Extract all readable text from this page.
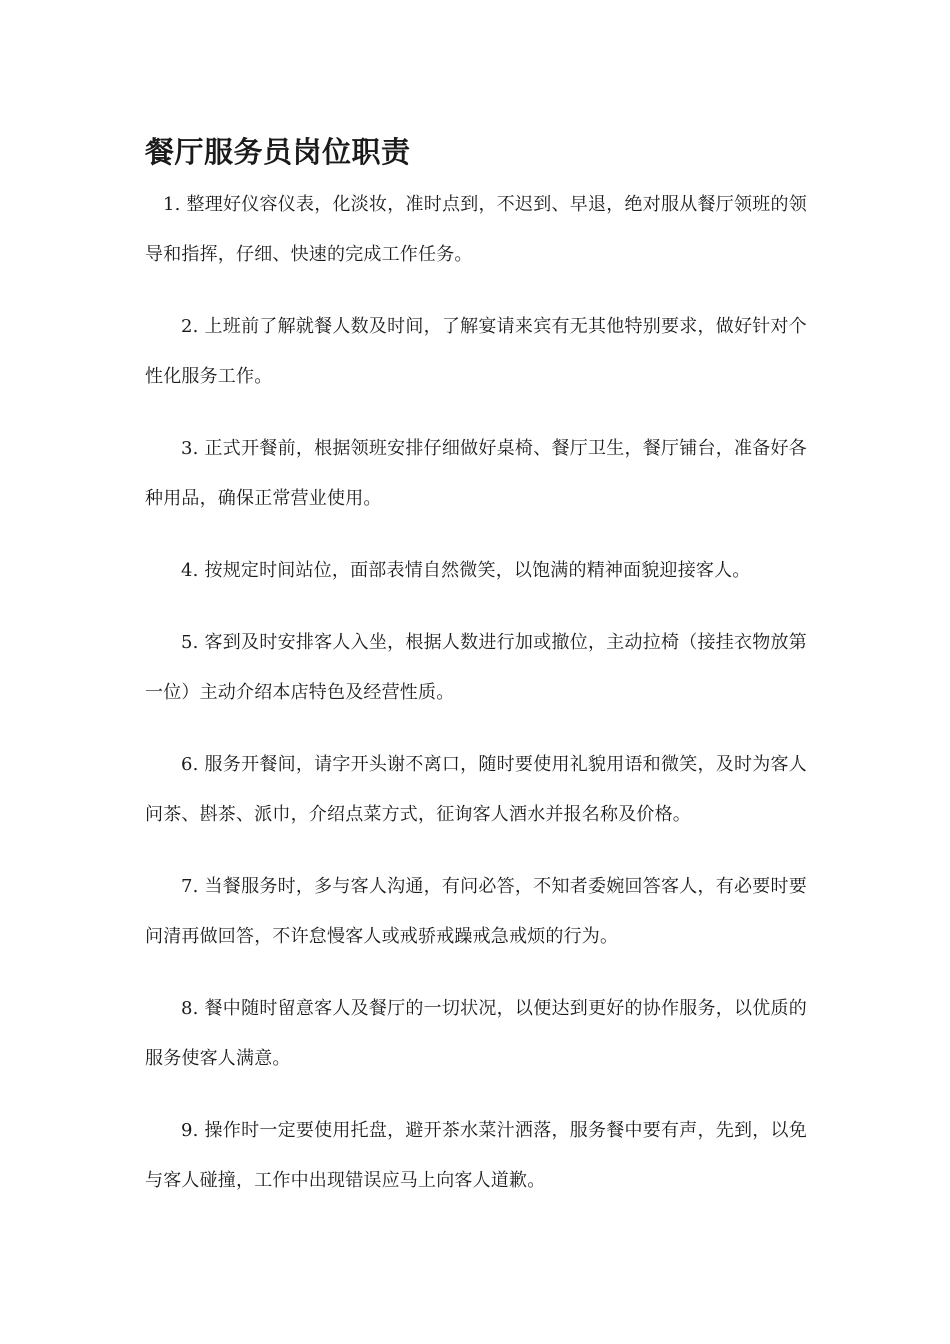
餐厅服务员岗位职责

1. 整理好仪容仪表，化淡妆，准时点到，不迟到、早退，绝对服从餐厅领班的领导和指挥，仔细、快速的完成工作任务。

2. 上班前了解就餐人数及时间，了解宴请来宾有无其他特别要求，做好针对个性化服务工作。

3. 正式开餐前，根据领班安排仔细做好桌椅、餐厅卫生，餐厅铺台，准备好各种用品，确保正常营业使用。

4. 按规定时间站位，面部表情自然微笑，以饱满的精神面貌迎接客人。

5. 客到及时安排客人入坐，根据人数进行加或撤位，主动拉椅（接挂衣物放第一位）主动介绍本店特色及经营性质。

6. 服务开餐间，请字开头谢不离口，随时要使用礼貌用语和微笑，及时为客人问茶、斟茶、派巾，介绍点菜方式，征询客人酒水并报名称及价格。

7. 当餐服务时，多与客人沟通，有问必答，不知者委婉回答客人，有必要时要问清再做回答，不许怠慢客人或戒骄戒躁戒急戒烦的行为。

8. 餐中随时留意客人及餐厅的一切状况，以便达到更好的协作服务，以优质的服务使客人满意。

9. 操作时一定要使用托盘，避开茶水菜汁洒落，服务餐中要有声，先到，以免与客人碰撞，工作中出现错误应马上向客人道歉。
